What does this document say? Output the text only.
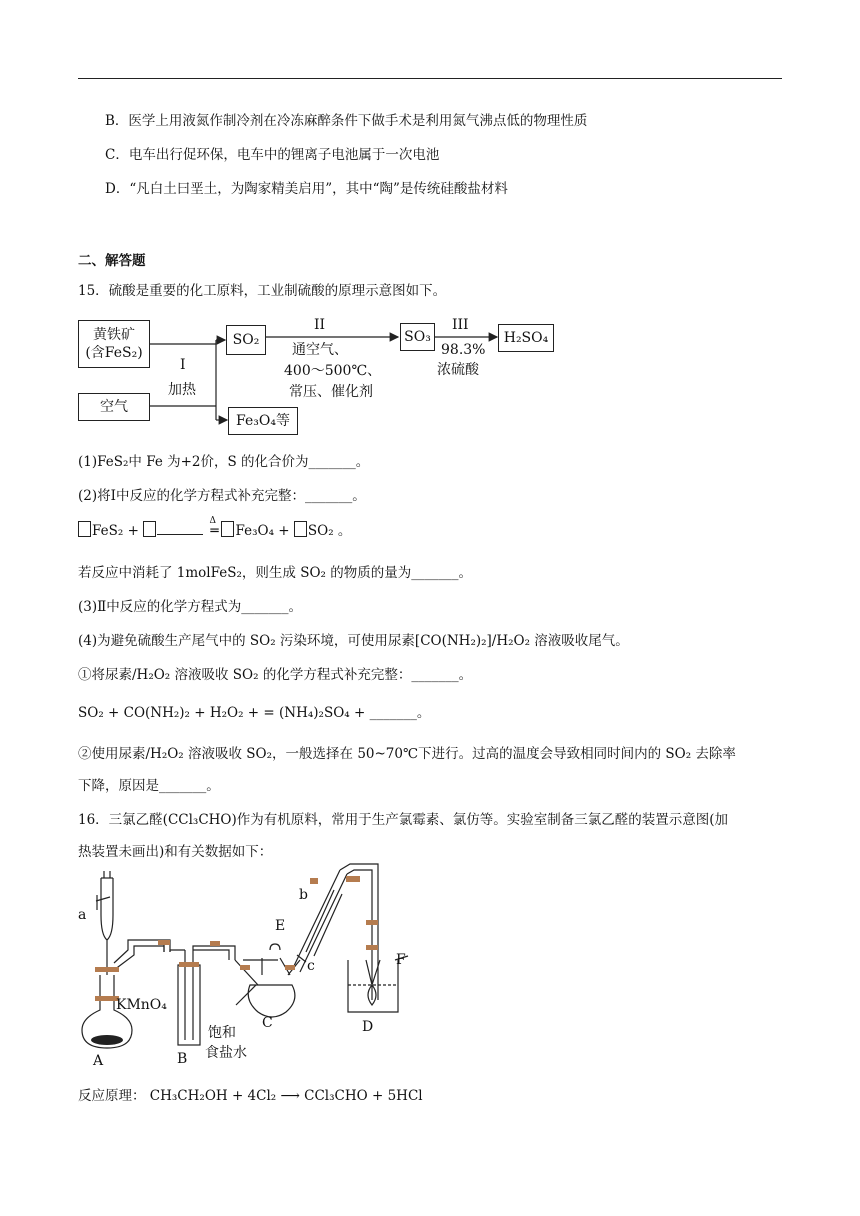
B．医学上用液氮作制冷剂在冷冻麻醉条件下做手术是利用氮气沸点低的物理性质
C．电车出行促环保，电车中的锂离子电池属于一次电池
D．“凡白土曰垩土，为陶家精美启用”，其中“陶”是传统硅酸盐材料
二、解答题
15．硫酸是重要的化工原料，工业制硫酸的原理示意图如下。
黄铁矿
(含FeS₂)
空气
I
加热
SO₂
II
通空气、
400～500℃、
常压、催化剂
SO₃
III
98.3%
浓硫酸
H₂SO₄
Fe₃O₄等
(1)FeS₂中 Fe 为+2价，S 的化合价为_______。
(2)将Ⅰ中反应的化学方程式补充完整：_______。
FeS₂ +
Δ
═ Fe₃O₄ + SO₂ 。
若反应中消耗了 1molFeS₂，则生成 SO₂ 的物质的量为_______。
(3)Ⅱ中反应的化学方程式为_______。
(4)为避免硫酸生产尾气中的 SO₂ 污染环境，可使用尿素[CO(NH₂)₂]/H₂O₂ 溶液吸收尾气。
①将尿素/H₂O₂ 溶液吸收 SO₂ 的化学方程式补充完整：_______。
SO₂ + CO(NH₂)₂ + H₂O₂ + = (NH₄)₂SO₄ + _______。
②使用尿素/H₂O₂ 溶液吸收 SO₂，一般选择在 50~70℃下进行。过高的温度会导致相同时间内的 SO₂ 去除率
下降，原因是_______。
16．三氯乙醛(CCl₃CHO)作为有机原料，常用于生产氯霉素、氯仿等。实验室制备三氯乙醛的装置示意图(加
热装置未画出)和有关数据如下：
a
b
c
E
F
KMnO₄
A	B
C	D
饱和
食盐水
反应原理： CH₃CH₂OH + 4Cl₂ ⟶ CCl₃CHO + 5HCl
